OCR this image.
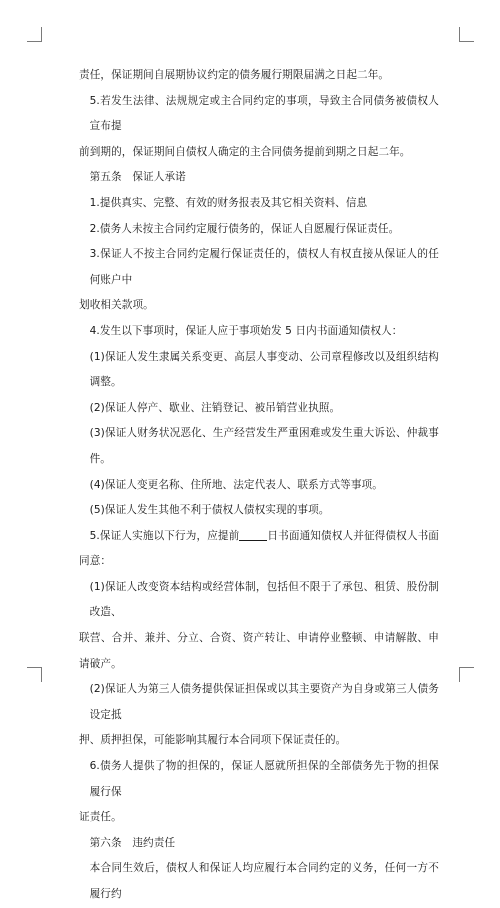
责任，保证期间自展期协议约定的债务履行期限届满之日起二年。
5.若发生法律、法规规定或主合同约定的事项，导致主合同债务被债权人宣布提
前到期的，保证期间自债权人确定的主合同债务提前到期之日起二年。
第五条　保证人承诺
1.提供真实、完整、有效的财务报表及其它相关资料、信息
2.债务人未按主合同约定履行债务的，保证人自愿履行保证责任。
3.保证人不按主合同约定履行保证责任的，债权人有权直接从保证人的任何账户中
划收相关款项。
4.发生以下事项时，保证人应于事项始发 5 日内书面通知债权人：
(1)保证人发生隶属关系变更、高层人事变动、公司章程修改以及组织结构调整。
(2)保证人停产、歇业、注销登记、被吊销营业执照。
(3)保证人财务状况恶化、生产经营发生严重困难或发生重大诉讼、仲裁事件。
(4)保证人变更名称、住所地、法定代表人、联系方式等事项。
(5)保证人发生其他不利于债权人债权实现的事项。
5.保证人实施以下行为，应提前	日书面通知债权人并征得债权人书面同意：
(1)保证人改变资本结构或经营体制，包括但不限于了承包、租赁、股份制改造、
联营、合并、兼并、分立、合资、资产转让、申请停业整顿、申请解散、申请破产。
(2)保证人为第三人债务提供保证担保或以其主要资产为自身或第三人债务设定抵
押、质押担保，可能影响其履行本合同项下保证责任的。
6.债务人提供了物的担保的，保证人愿就所担保的全部债务先于物的担保履行保
证责任。
第六条　违约责任
本合同生效后，债权人和保证人均应履行本合同约定的义务，任何一方不履行约
